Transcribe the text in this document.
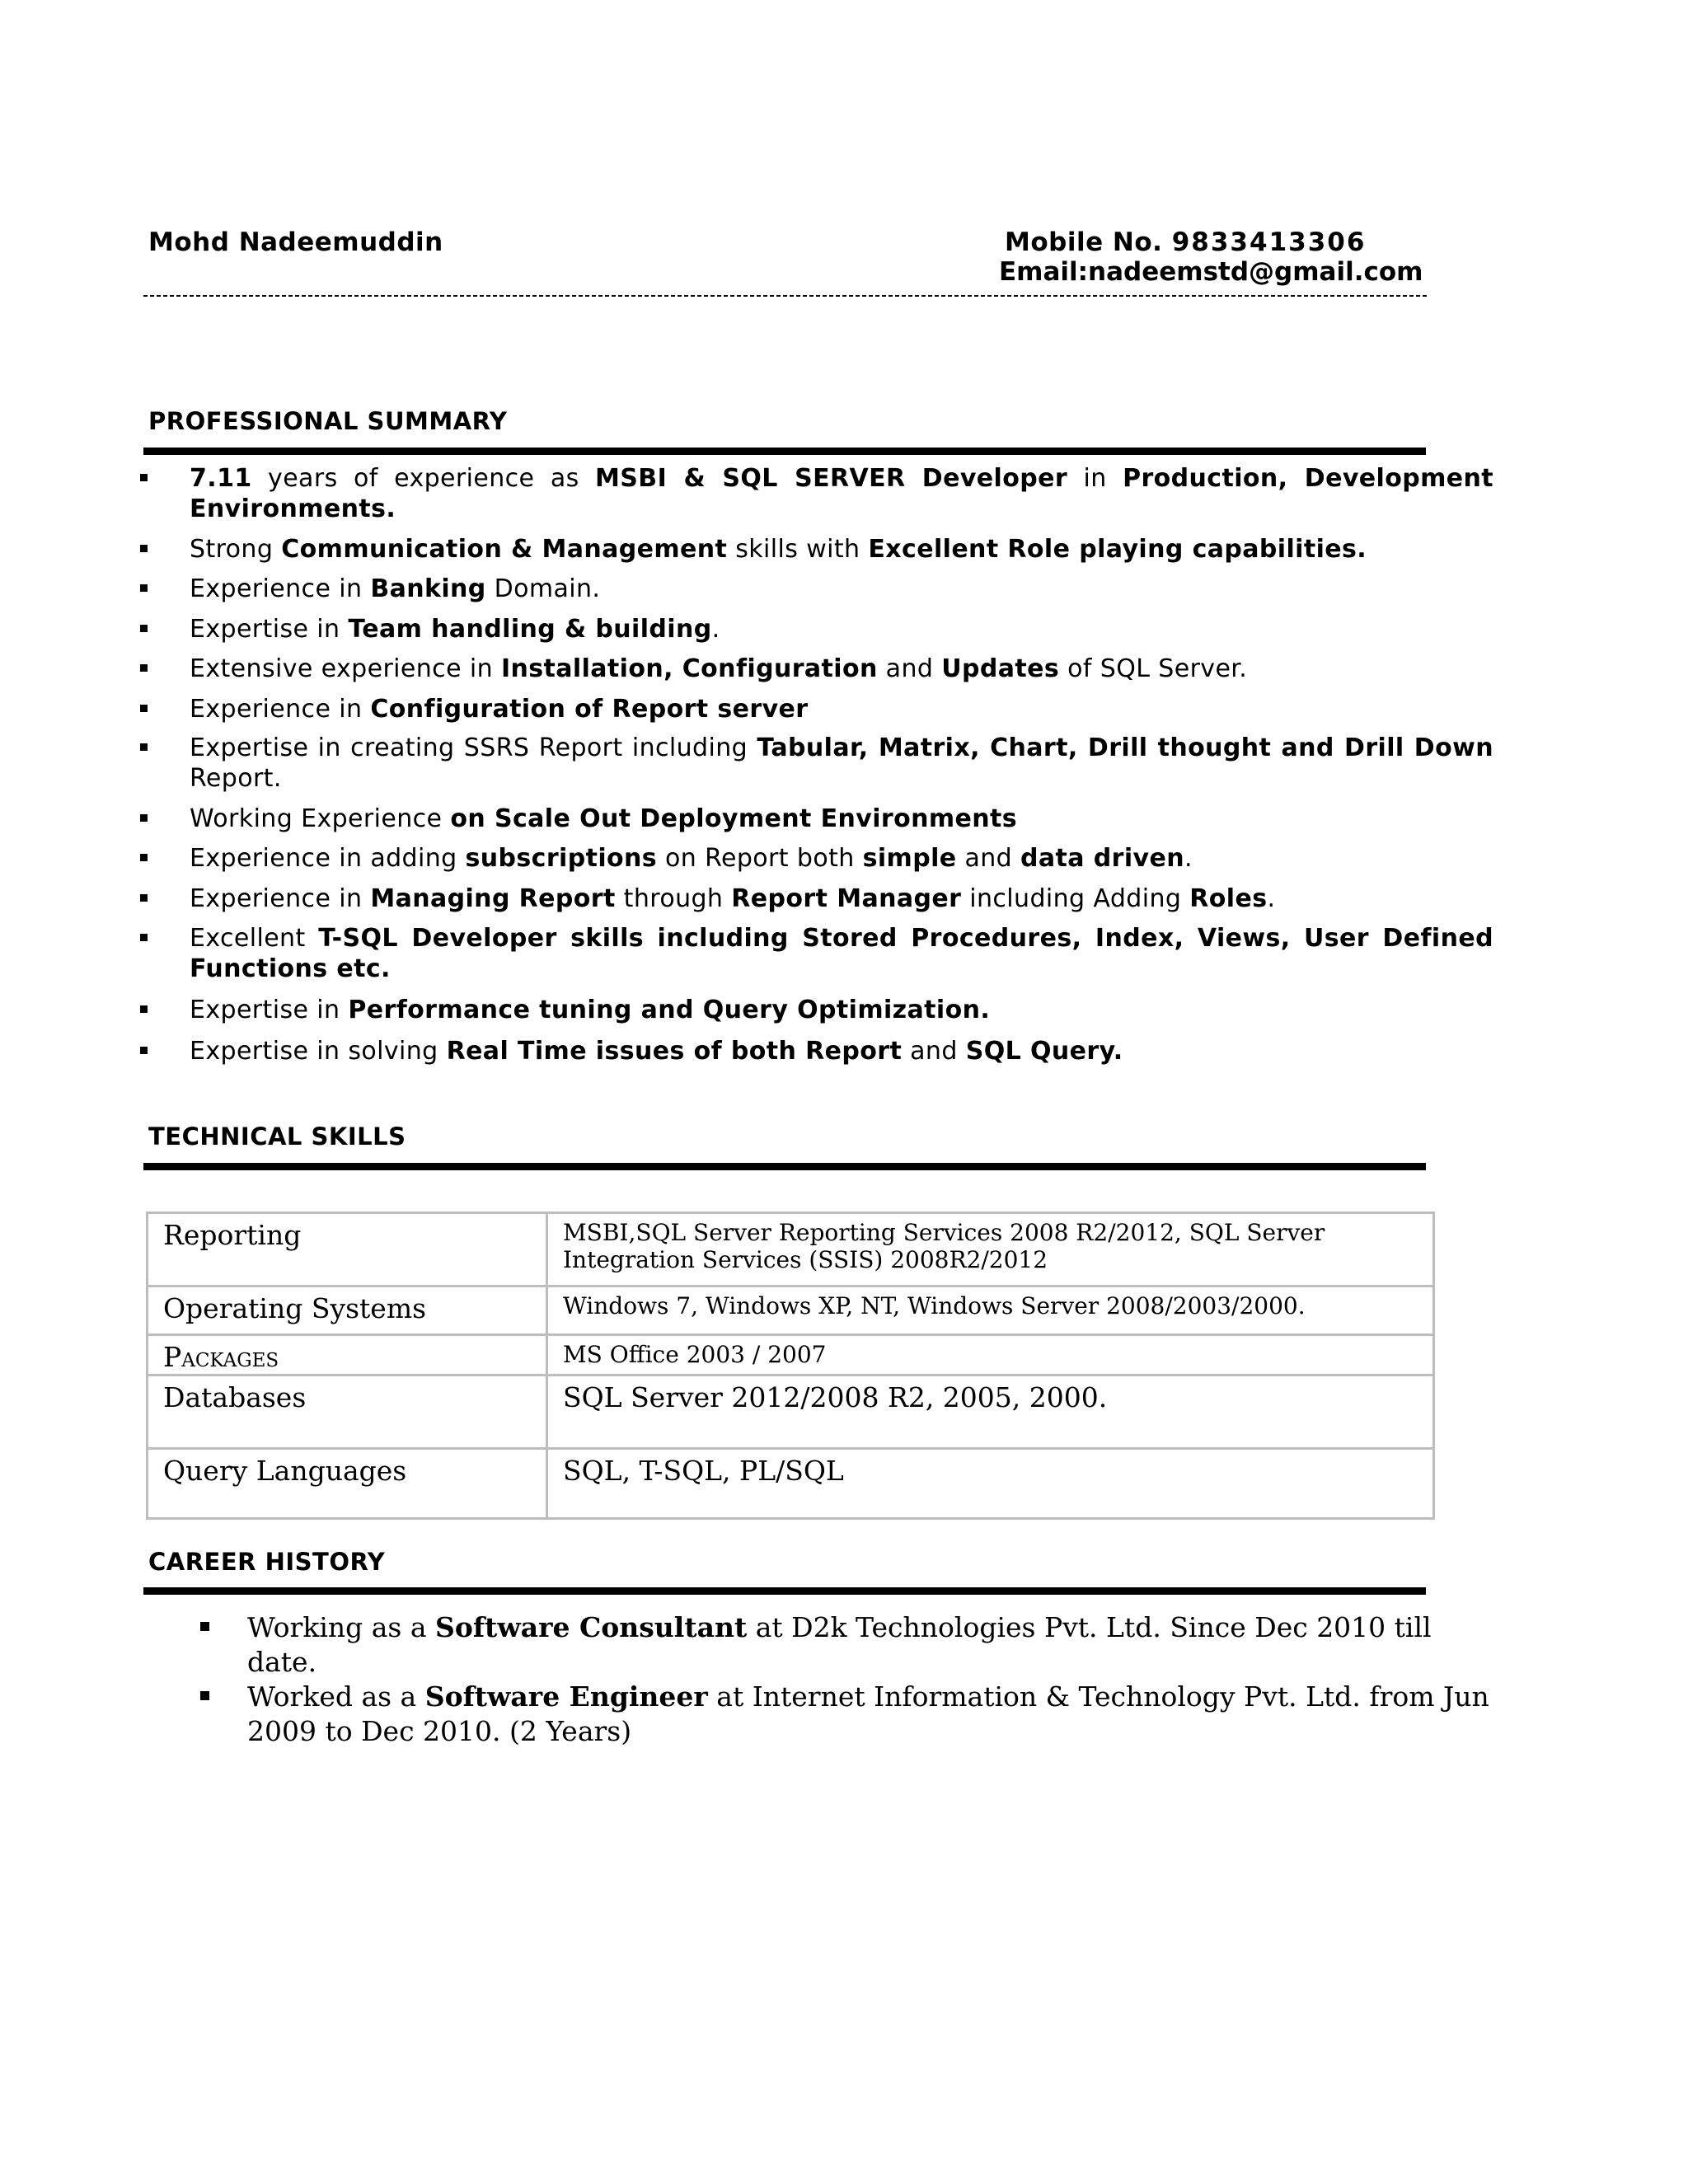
Mohd Nadeemuddin	Mobile No. 9833413306
Email:nadeemstd@gmail.com
PROFESSIONAL SUMMARY
7.11 years of experience as MSBI & SQL SERVER Developer in Production, Development Environments.
Strong Communication & Management skills with Excellent Role playing capabilities.
Experience in Banking Domain.
Expertise in Team handling & building.
Extensive experience in Installation, Configuration and Updates of SQL Server.
Experience in Configuration of Report server
Expertise in creating SSRS Report including Tabular, Matrix, Chart, Drill thought and Drill Down Report.
Working Experience on Scale Out Deployment Environments
Experience in adding subscriptions on Report both simple and data driven.
Experience in Managing Report through Report Manager including Adding Roles.
Excellent T-SQL Developer skills including Stored Procedures, Index, Views, User Defined Functions etc.
Expertise in Performance tuning and Query Optimization.
Expertise in solving Real Time issues of both Report and SQL Query.
TECHNICAL SKILLS
Reporting	MSBI,SQL Server Reporting Services 2008 R2/2012, SQL Server Integration Services (SSIS) 2008R2/2012
Operating Systems	Windows 7, Windows XP, NT, Windows Server 2008/2003/2000.
Packages	MS Office 2003 / 2007
Databases	SQL Server 2012/2008 R2, 2005, 2000.
Query Languages	SQL, T-SQL, PL/SQL
CAREER HISTORY
Working as a Software Consultant at D2k Technologies Pvt. Ltd. Since Dec 2010 till date.
Worked as a Software Engineer at Internet Information & Technology Pvt. Ltd. from Jun 2009 to Dec 2010. (2 Years)
